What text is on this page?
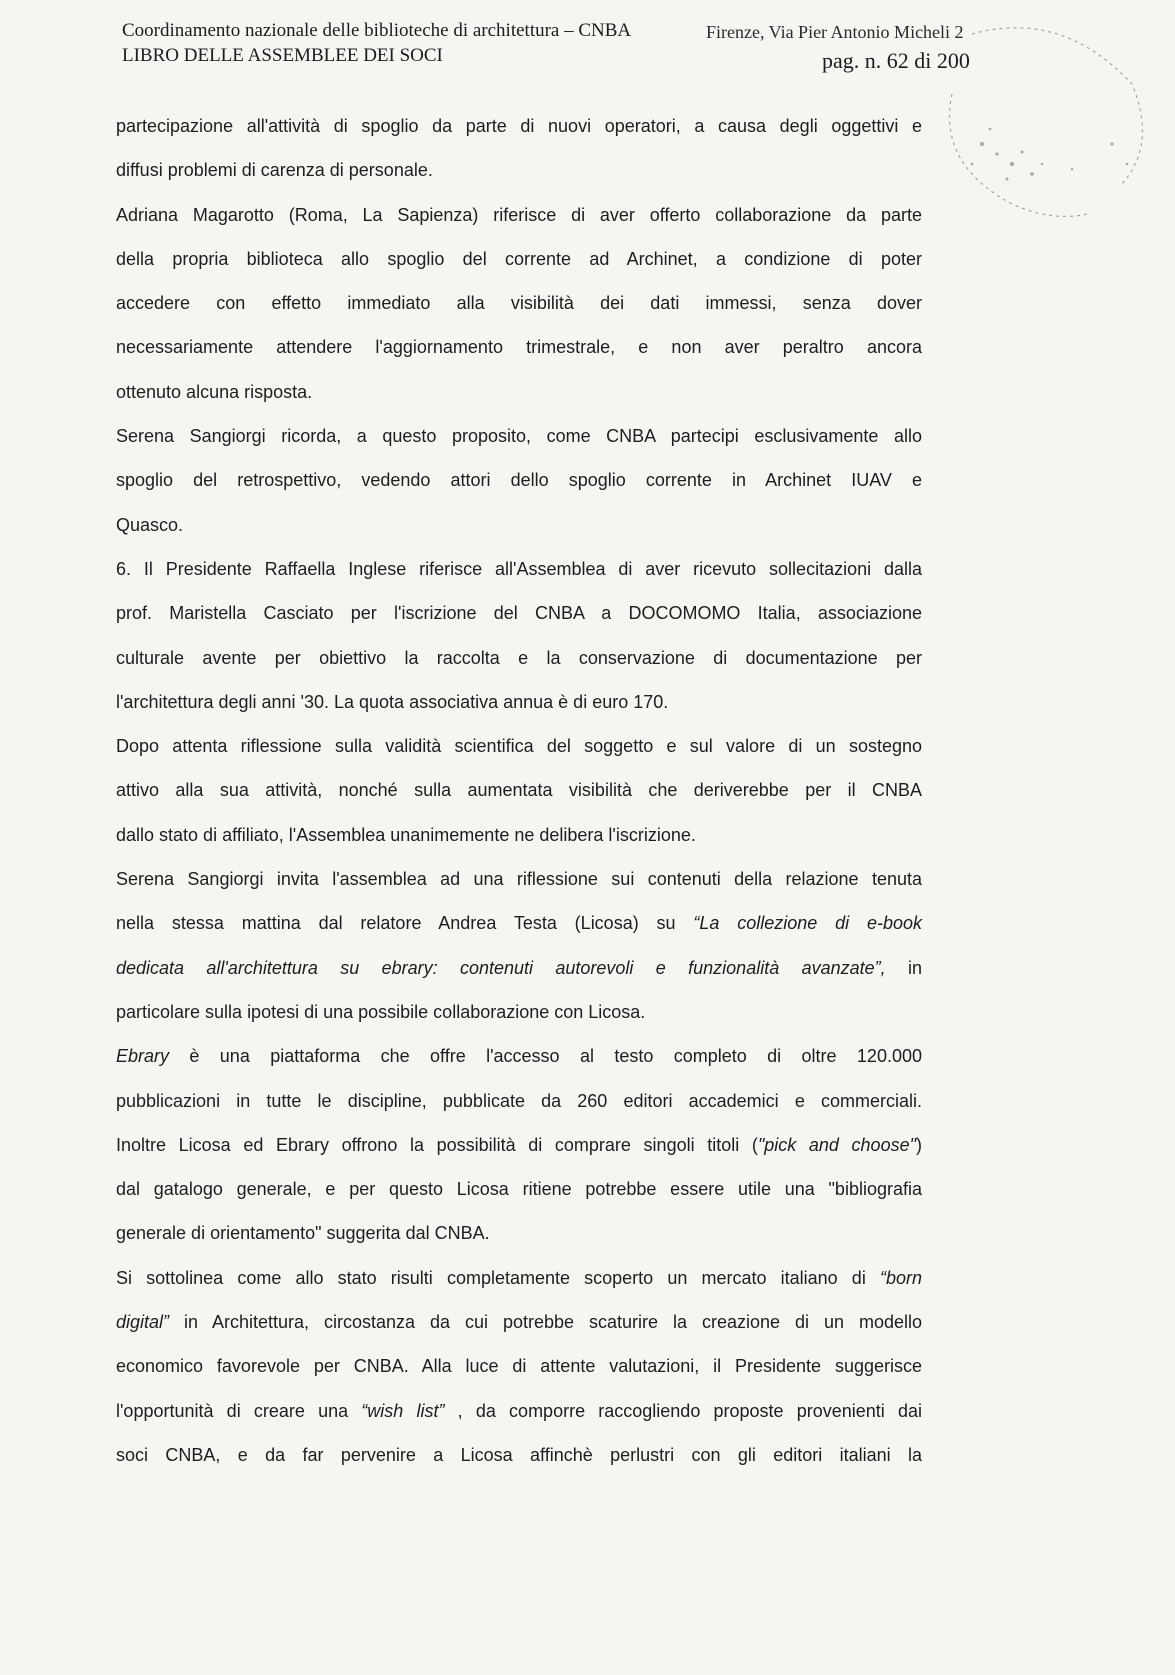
Coordinamento nazionale delle biblioteche di architettura – CNBA	Firenze, Via Pier Antonio Micheli 2
LIBRO DELLE ASSEMBLEE DEI SOCI	pag. n. 62 di 200

partecipazione all'attività di spoglio da parte di nuovi operatori, a causa degli oggettivi e
diffusi problemi di carenza di personale.

Adriana Magarotto (Roma, La Sapienza) riferisce di aver offerto collaborazione da parte
della propria biblioteca allo spoglio del corrente ad Archinet, a condizione di poter
accedere con effetto immediato alla visibilità dei dati immessi, senza dover
necessariamente attendere l'aggiornamento trimestrale, e non aver peraltro ancora
ottenuto alcuna risposta.

Serena Sangiorgi ricorda, a questo proposito, come CNBA partecipi esclusivamente allo
spoglio del retrospettivo, vedendo attori dello spoglio corrente in Archinet IUAV e
Quasco.

6. Il Presidente Raffaella Inglese riferisce all'Assemblea di aver ricevuto sollecitazioni dalla
prof. Maristella Casciato per l'iscrizione del CNBA a DOCOMOMO Italia, associazione
culturale avente per obiettivo la raccolta e la conservazione di documentazione per
l'architettura degli anni '30. La quota associativa annua è di euro 170.

Dopo attenta riflessione sulla validità scientifica del soggetto e sul valore di un sostegno
attivo alla sua attività, nonché sulla aumentata visibilità che deriverebbe per il CNBA
dallo stato di affiliato, l'Assemblea unanimemente ne delibera l'iscrizione.

Serena Sangiorgi invita l'assemblea ad una riflessione sui contenuti della relazione tenuta
nella stessa mattina dal relatore Andrea Testa (Licosa) su “La collezione di e-book
dedicata all'architettura su ebrary: contenuti autorevoli e funzionalità avanzate”, in
particolare sulla ipotesi di una possibile collaborazione con Licosa.

Ebrary è una piattaforma che offre l'accesso al testo completo di oltre 120.000
pubblicazioni in tutte le discipline, pubblicate da 260 editori accademici e commerciali.
Inoltre Licosa ed Ebrary offrono la possibilità di comprare singoli titoli ("pick and choose")
dal gatalogo generale, e per questo Licosa ritiene potrebbe essere utile una "bibliografia
generale di orientamento" suggerita dal CNBA.

Si sottolinea come allo stato risulti completamente scoperto un mercato italiano di “born
digital” in Architettura, circostanza da cui potrebbe scaturire la creazione di un modello
economico favorevole per CNBA. Alla luce di attente valutazioni, il Presidente suggerisce
l'opportunità di creare una “wish list” , da comporre raccogliendo proposte provenienti dai
soci CNBA, e da far pervenire a Licosa affinchè perlustri con gli editori italiani la
